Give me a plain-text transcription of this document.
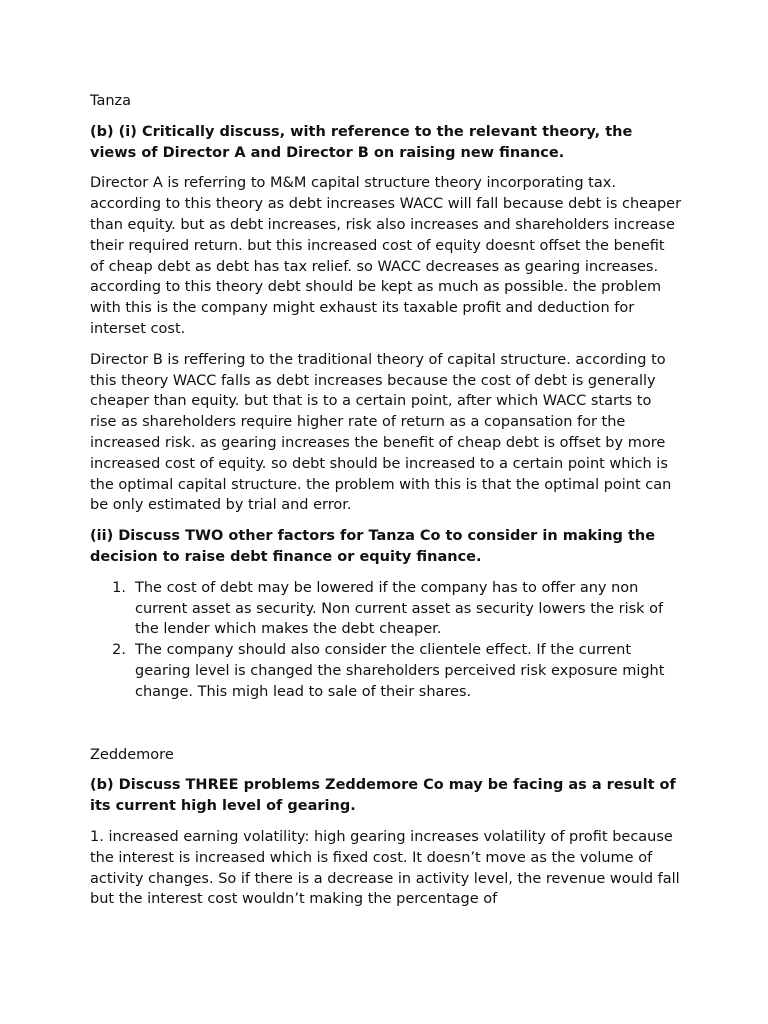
Tanza

(b) (i) Critically discuss, with reference to the relevant theory, the views of Director A and Director B on raising new finance.

Director A is referring to M&M capital structure theory incorporating tax. according to this theory as debt increases WACC will fall because debt is cheaper than equity. but as debt increases, risk also increases and shareholders increase their required return. but this increased cost of equity doesnt offset the benefit of cheap debt as debt has tax relief. so WACC decreases as gearing increases. according to this theory debt should be kept as much as possible. the problem with this is the company might exhaust its taxable profit and deduction for interset cost.

Director B is reffering to the traditional theory of capital structure. according to this theory WACC falls as debt increases because the cost of debt is generally cheaper than equity. but that is to a certain point, after which WACC starts to rise as shareholders require higher rate of return as a copansation for the increased risk. as gearing increases the benefit of cheap debt is offset by more increased cost of equity. so debt should be increased to a certain point which is the optimal capital structure. the problem with this is that the optimal point can be only estimated by trial and error.

(ii) Discuss TWO other factors for Tanza Co to consider in making the decision to raise debt finance or equity finance.

1. The cost of debt may be lowered if the company has to offer any non current asset as security. Non current asset as security lowers the risk of the lender which makes the debt cheaper.
2. The company should also consider the clientele effect. If the current gearing level is changed the shareholders perceived risk exposure might change. This migh lead to sale of their shares.

Zeddemore

(b) Discuss THREE problems Zeddemore Co may be facing as a result of its current high level of gearing.

1. increased earning volatility: high gearing increases volatility of profit because the interest is increased which is fixed cost. It doesn’t move as the volume of activity changes. So if there is a decrease in activity level, the revenue would fall but the interest cost wouldn’t making the percentage of
